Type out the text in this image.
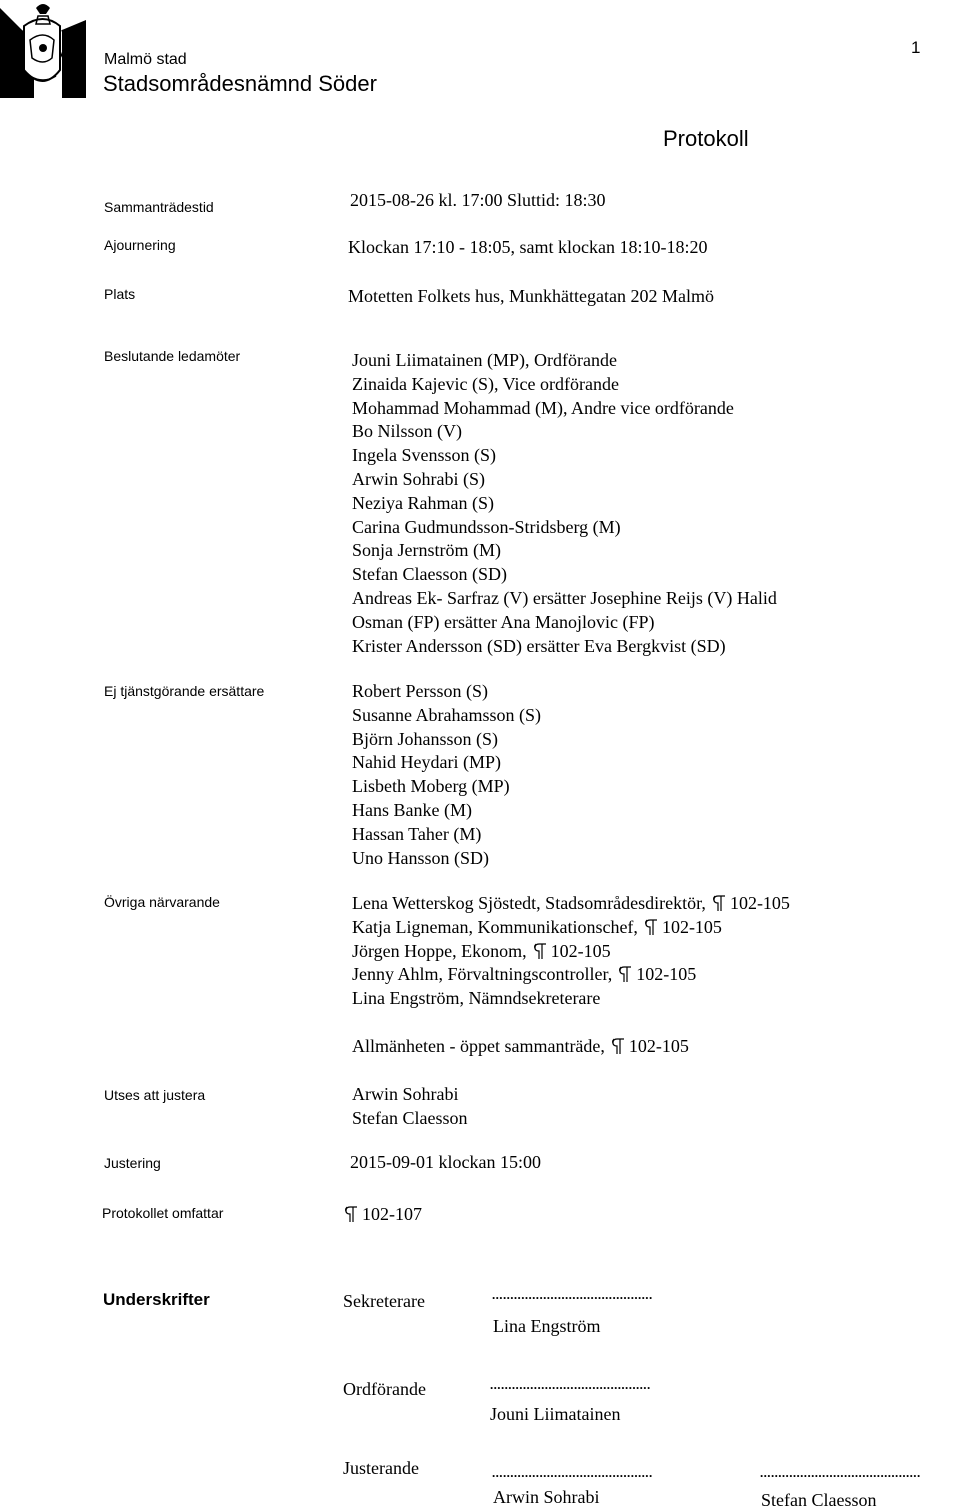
Malmö stad
Stadsområdesnämnd Söder
1
Protokoll
Sammanträdestid	2015-08-26 kl. 17:00 Sluttid: 18:30
Ajournering	Klockan 17:10 - 18:05, samt klockan 18:10-18:20
Plats	Motetten Folkets hus, Munkhättegatan 202 Malmö
Beslutande ledamöter	Jouni Liimatainen (MP), Ordförande
Zinaida Kajevic (S), Vice ordförande
Mohammad Mohammad (M), Andre vice ordförande
Bo Nilsson (V)
Ingela Svensson (S)
Arwin Sohrabi (S)
Neziya Rahman (S)
Carina Gudmundsson-Stridsberg (M)
Sonja Jernström (M)
Stefan Claesson (SD)
Andreas Ek- Sarfraz (V) ersätter Josephine Reijs (V) Halid
Osman (FP) ersätter Ana Manojlovic (FP)
Krister Andersson (SD) ersätter Eva Bergkvist (SD)
Ej tjänstgörande ersättare	Robert Persson (S)
Susanne Abrahamsson (S)
Björn Johansson (S)
Nahid Heydari (MP)
Lisbeth Moberg (MP)
Hans Banke (M)
Hassan Taher (M)
Uno Hansson (SD)
Övriga närvarande	Lena Wetterskog Sjöstedt, Stadsområdesdirektör, 102-105
Katja Ligneman, Kommunikationschef, 102-105
Jörgen Hoppe, Ekonom, 102-105
Jenny Ahlm, Förvaltningscontroller, 102-105
Lina Engström, Nämndsekreterare
Allmänheten - öppet sammanträde, 102-105
Utses att justera	Arwin Sohrabi
Stefan Claesson
Justering	2015-09-01 klockan 15:00
Protokollet omfattar	102-107
Underskrifter	Sekreterare	............................................
Lina Engström
Ordförande	............................................
Jouni Liimatainen
Justerande	............................................
Arwin Sohrabi
............................................
Stefan Claesson
